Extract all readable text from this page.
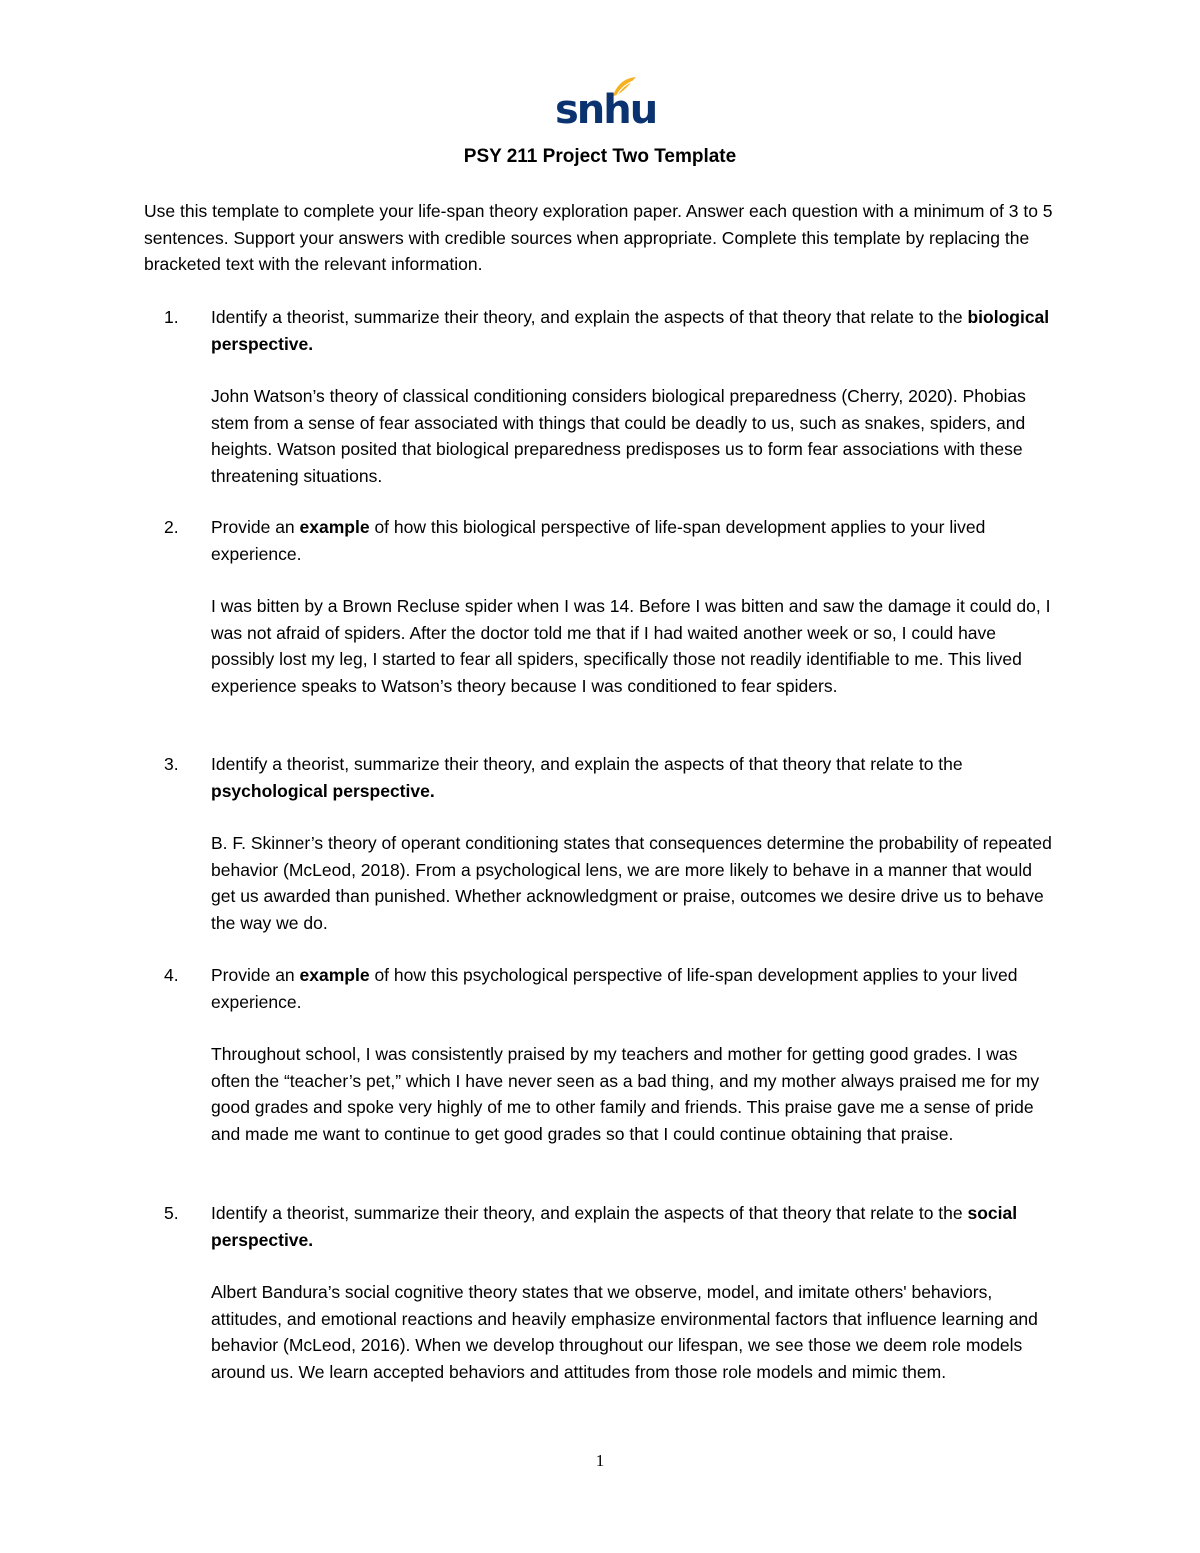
snhu
PSY 211 Project Two Template
Use this template to complete your life-span theory exploration paper. Answer each question with a minimum of 3 to 5 sentences. Support your answers with credible sources when appropriate. Complete this template by replacing the bracketed text with the relevant information.
1. Identify a theorist, summarize their theory, and explain the aspects of that theory that relate to the biological perspective.
John Watson’s theory of classical conditioning considers biological preparedness (Cherry, 2020). Phobias stem from a sense of fear associated with things that could be deadly to us, such as snakes, spiders, and heights. Watson posited that biological preparedness predisposes us to form fear associations with these threatening situations.
2. Provide an example of how this biological perspective of life-span development applies to your lived experience.
I was bitten by a Brown Recluse spider when I was 14. Before I was bitten and saw the damage it could do, I was not afraid of spiders. After the doctor told me that if I had waited another week or so, I could have possibly lost my leg, I started to fear all spiders, specifically those not readily identifiable to me. This lived experience speaks to Watson’s theory because I was conditioned to fear spiders.
3. Identify a theorist, summarize their theory, and explain the aspects of that theory that relate to the psychological perspective.
B. F. Skinner’s theory of operant conditioning states that consequences determine the probability of repeated behavior (McLeod, 2018). From a psychological lens, we are more likely to behave in a manner that would get us awarded than punished. Whether acknowledgment or praise, outcomes we desire drive us to behave the way we do.
4. Provide an example of how this psychological perspective of life-span development applies to your lived experience.
Throughout school, I was consistently praised by my teachers and mother for getting good grades. I was often the “teacher’s pet,” which I have never seen as a bad thing, and my mother always praised me for my good grades and spoke very highly of me to other family and friends. This praise gave me a sense of pride and made me want to continue to get good grades so that I could continue obtaining that praise.
5. Identify a theorist, summarize their theory, and explain the aspects of that theory that relate to the social perspective.
Albert Bandura’s social cognitive theory states that we observe, model, and imitate others' behaviors, attitudes, and emotional reactions and heavily emphasize environmental factors that influence learning and behavior (McLeod, 2016). When we develop throughout our lifespan, we see those we deem role models around us. We learn accepted behaviors and attitudes from those role models and mimic them.
1
